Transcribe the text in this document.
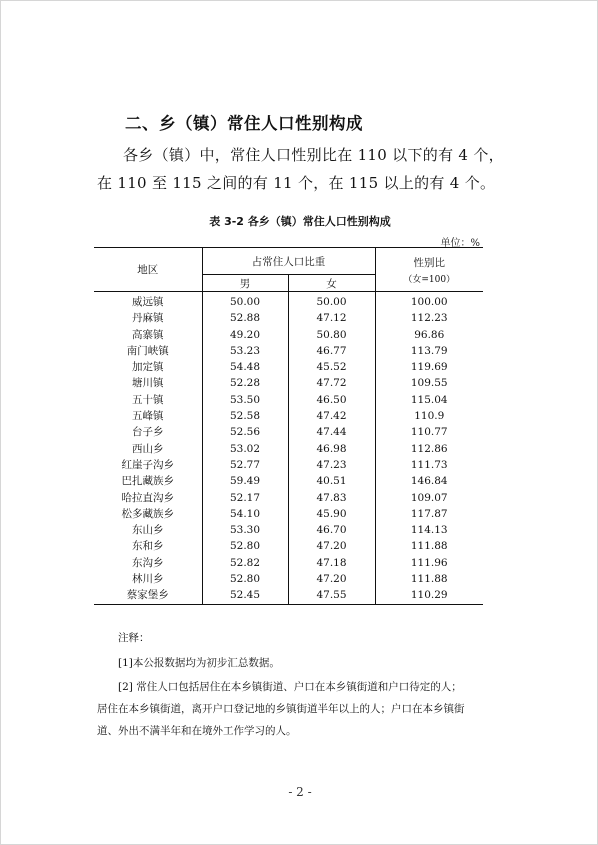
二、乡（镇）常住人口性别构成
各乡（镇）中，常住人口性别比在 110 以下的有 4 个，
在 110 至 115 之间的有 11 个，在 115 以上的有 4 个。
表 3-2 各乡（镇）常住人口性别构成
单位：%
地区	占常住人口比重		性别比
（女=100）

	男	女	
威远镇	50.00	50.00	100.00
丹麻镇	52.88	47.12	112.23
高寨镇	49.20	50.80	96.86
南门峡镇	53.23	46.77	113.79
加定镇	54.48	45.52	119.69
塘川镇	52.28	47.72	109.55
五十镇	53.50	46.50	115.04
五峰镇	52.58	47.42	110.9
台子乡	52.56	47.44	110.77
西山乡	53.02	46.98	112.86
红崖子沟乡	52.77	47.23	111.73
巴扎藏族乡	59.49	40.51	146.84
哈拉直沟乡	52.17	47.83	109.07
松多藏族乡	54.10	45.90	117.87
东山乡	53.30	46.70	114.13
东和乡	52.80	47.20	111.88
东沟乡	52.82	47.18	111.96
林川乡	52.80	47.20	111.88
蔡家堡乡	52.45	47.55	110.29
注释：
[1]本公报数据均为初步汇总数据。
[2] 常住人口包括居住在本乡镇街道、户口在本乡镇街道和户口待定的人；
居住在本乡镇街道，离开户口登记地的乡镇街道半年以上的人；户口在本乡镇街
道、外出不满半年和在境外工作学习的人。
- 2 -
